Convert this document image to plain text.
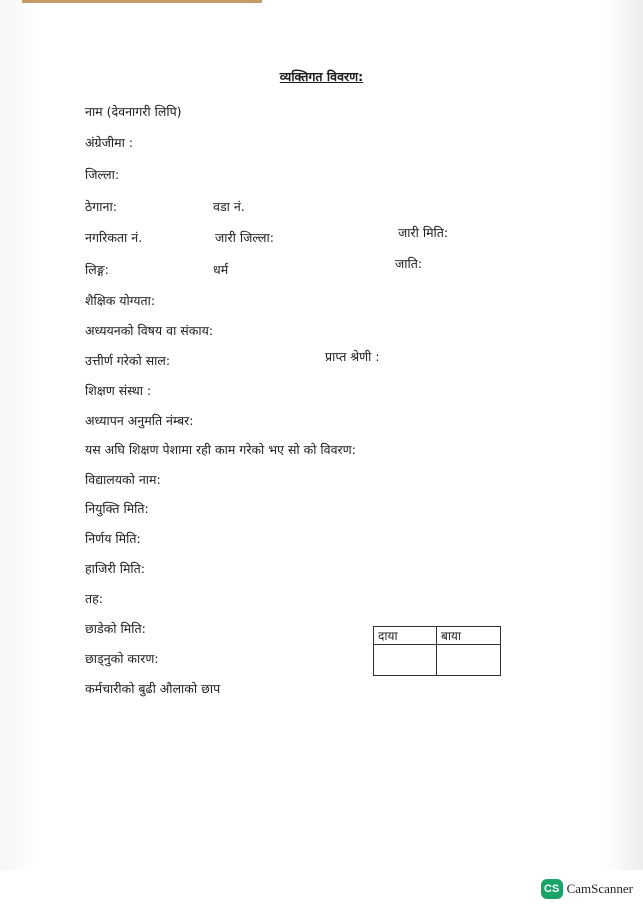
व्यक्तिगत विवरण:
नाम (देवनागरी लिपि)
अंग्रेजीमा :
जिल्ला:
ठेगाना:	वडा नं.
नगरिकता नं.	जारी जिल्ला:	जारी मिति:
लिङ्ग:	धर्म	जाति:
शैक्षिक योग्यता:
अध्ययनको विषय वा संकाय:
उत्तीर्ण गरेको साल:	प्राप्त श्रेणी :
शिक्षण संस्था :
अध्यापन अनुमति नंम्बर:
यस अघि शिक्षण पेशामा रही काम गरेको भए सो को विवरण:
विद्यालयको नाम:
नियुक्ति मिति:
निर्णय मिति:
हाजिरी मिति:
तह:
छाडेको मिति:
छाड्नुको कारण:
कर्मचारीको बुढी औलाको छाप
दाया	बाया

CS CamScanner
